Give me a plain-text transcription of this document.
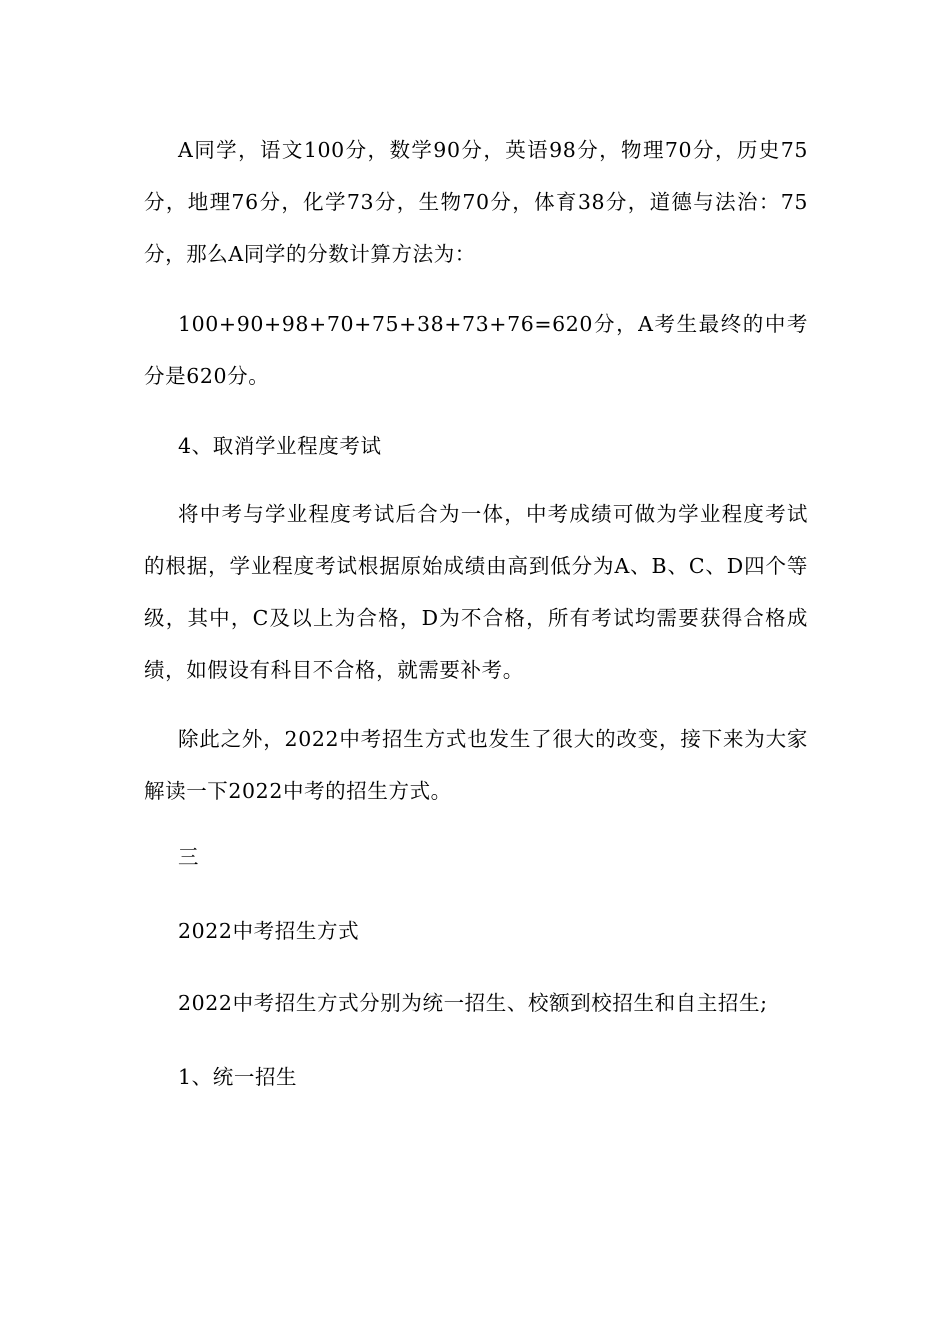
A同学，语文100分，数学90分，英语98分，物理70分，历史75分，地理76分，化学73分，生物70分，体育38分，道德与法治：75分，那么A同学的分数计算方法为：

100+90+98+70+75+38+73+76=620分，A考生最终的中考分是620分。

4、取消学业程度考试

将中考与学业程度考试后合为一体，中考成绩可做为学业程度考试的根据，学业程度考试根据原始成绩由高到低分为A、B、C、D四个等级，其中，C及以上为合格，D为不合格，所有考试均需要获得合格成绩，如假设有科目不合格，就需要补考。

除此之外，2022中考招生方式也发生了很大的改变，接下来为大家解读一下2022中考的招生方式。

三

2022中考招生方式

2022中考招生方式分别为统一招生、校额到校招生和自主招生;

1、统一招生
